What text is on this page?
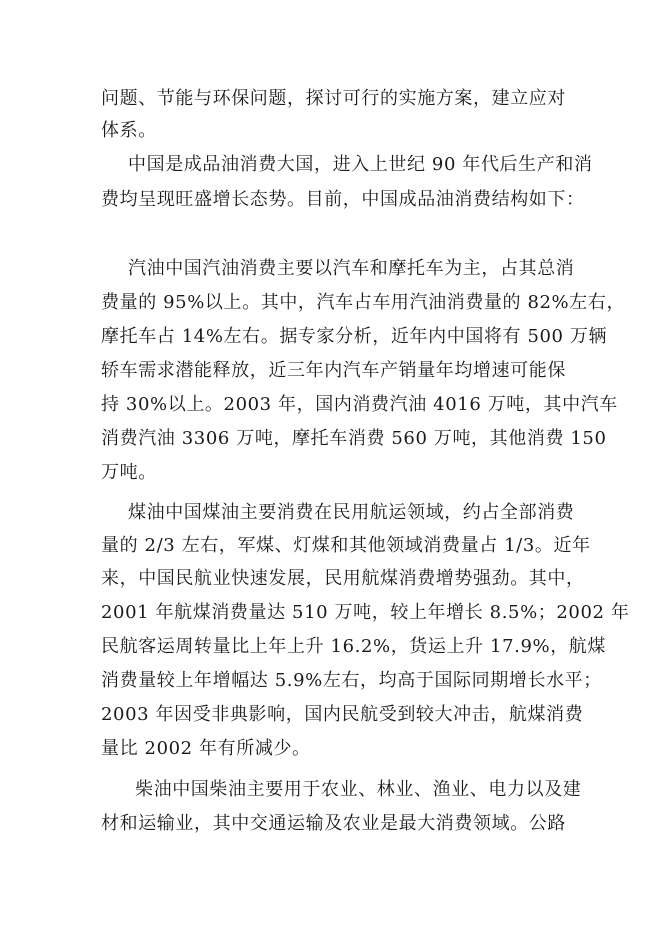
问题、节能与环保问题，探讨可行的实施方案，建立应对
体系。
中国是成品油消费大国，进入上世纪 90 年代后生产和消
费均呈现旺盛增长态势。目前，中国成品油消费结构如下：
汽油中国汽油消费主要以汽车和摩托车为主，占其总消
费量的 95%以上。其中，汽车占车用汽油消费量的 82%左右，
摩托车占 14%左右。据专家分析，近年内中国将有 500 万辆
轿车需求潜能释放，近三年内汽车产销量年均增速可能保
持 30%以上。2003 年，国内消费汽油 4016 万吨，其中汽车
消费汽油 3306 万吨，摩托车消费 560 万吨，其他消费 150
万吨。
煤油中国煤油主要消费在民用航运领域，约占全部消费
量的 2/3 左右，军煤、灯煤和其他领域消费量占 1/3。近年
来，中国民航业快速发展，民用航煤消费增势强劲。其中，
2001 年航煤消费量达 510 万吨，较上年增长 8.5%；2002 年
民航客运周转量比上年上升 16.2%，货运上升 17.9%，航煤
消费量较上年增幅达 5.9%左右，均高于国际同期增长水平；
2003 年因受非典影响，国内民航受到较大冲击，航煤消费
量比 2002 年有所减少。
柴油中国柴油主要用于农业、林业、渔业、电力以及建
材和运输业，其中交通运输及农业是最大消费领域。公路
